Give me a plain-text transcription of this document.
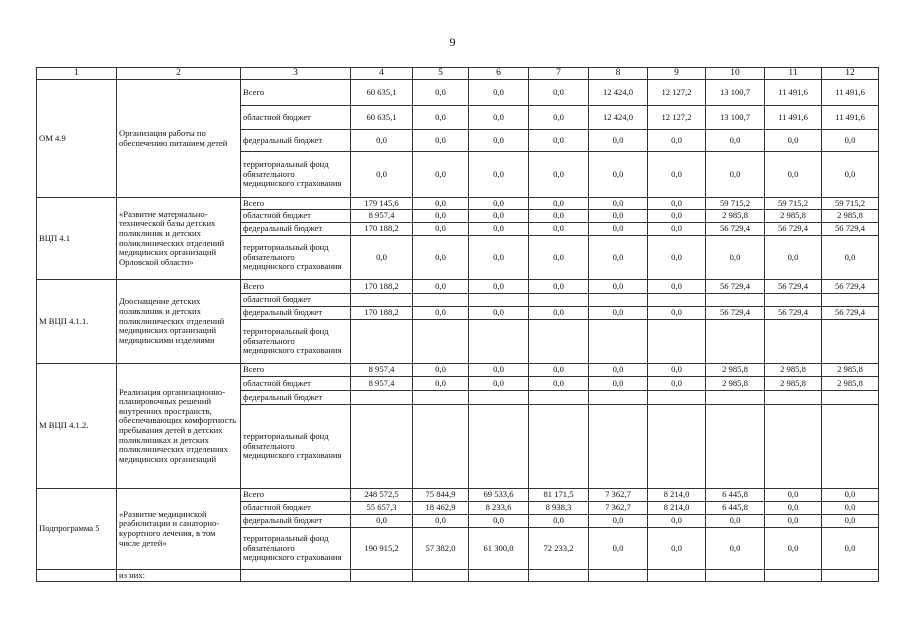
9
1	2	3	4	5	6	7	8	9	10	11	12
ОМ 4.9	Организация работы по обеспечению питанием детей	Всего	60 635,1	0,0	0,0	0,0	12 424,0	12 127,2	13 100,7	11 491,6	11 491,6
		областной бюджет	60 635,1	0,0	0,0	0,0	12 424,0	12 127,2	13 100,7	11 491,6	11 491,6
		федеральный бюджет	0,0	0,0	0,0	0,0	0,0	0,0	0,0	0,0	0,0
		территориальный фонд обязательного медицинского страхования	0,0	0,0	0,0	0,0	0,0	0,0	0,0	0,0	0,0
ВЦП 4.1	«Развитие материально-технической базы детских поликлиник и детских поликлинических отделений медицинских организаций Орловской области»	Всего	179 145,6	0,0	0,0	0,0	0,0	0,0	59 715,2	59 715,2	59 715,2
		областной бюджет	8 957,4	0,0	0,0	0,0	0,0	0,0	2 985,8	2 985,8	2 985,8
		федеральный бюджет	170 188,2	0,0	0,0	0,0	0,0	0,0	56 729,4	56 729,4	56 729,4
		территориальный фонд обязательного медицинского страхования	0,0	0,0	0,0	0,0	0,0	0,0	0,0	0,0	0,0
М ВЦП 4.1.1.	Дооснащение детских поликлиник и детских поликлинических отделений медицинских организаций медицинскими изделиями	Всего	170 188,2	0,0	0,0	0,0	0,0	0,0	56 729,4	56 729,4	56 729,4
		областной бюджет									
		федеральный бюджет	170 188,2	0,0	0,0	0,0	0,0	0,0	56 729,4	56 729,4	56 729,4
		территориальный фонд обязательного медицинского страхования									
М ВЦП 4.1.2.	Реализация организационно-планировочных решений внутренних пространств, обеспечивающих комфортность пребывания детей в детских поликлиниках и детских поликлинических отделениях медицинских организаций	Всего	8 957,4	0,0	0,0	0,0	0,0	0,0	2 985,8	2 985,8	2 985,8
		областной бюджет	8 957,4	0,0	0,0	0,0	0,0	0,0	2 985,8	2 985,8	2 985,8
		федеральный бюджет									
		территориальный фонд обязательного медицинского страхования									
Подпрограмма 5	«Развитие медицинской реабилитации и санаторно-курортного лечения, в том числе детей»	Всего	248 572,5	75 844,9	69 533,6	81 171,5	7 362,7	8 214,0	6 445,8	0,0	0,0
		областной бюджет	55 657,3	18 462,9	8 233,6	8 938,3	7 362,7	8 214,0	6 445,8	0,0	0,0
		федеральный бюджет	0,0	0,0	0,0	0,0	0,0	0,0	0,0	0,0	0,0
		территориальный фонд обязательного медицинского страхования	190 915,2	57 382,0	61 300,0	72 233,2	0,0	0,0	0,0	0,0	0,0
	из них:										
